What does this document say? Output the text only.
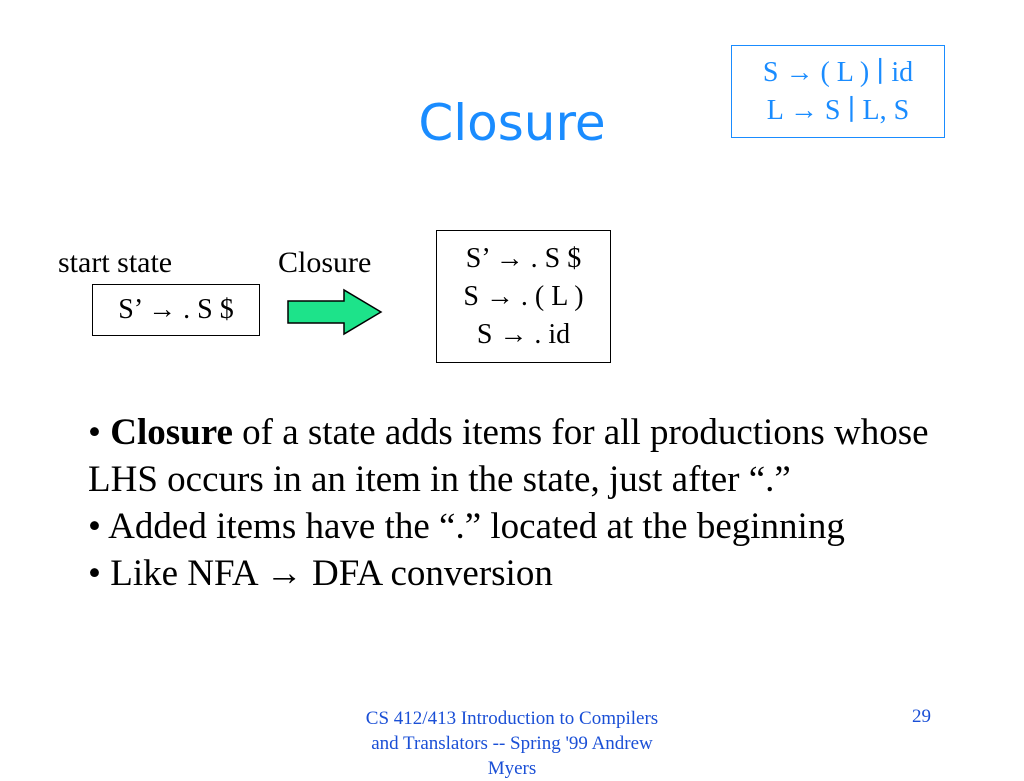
Closure
S → ( L ) ∣ id
L → S ∣ L, S
start state	Closure
S’ → . S $
S’ → . S $
S → . ( L )
S → . id

• Closure of a state adds items for all productions whose LHS occurs in an item in the state, just after “.”

• Added items have the “.” located at the beginning

• Like NFA → DFA conversion

CS 412/413 Introduction to Compilers and Translators -- Spring '99 Andrew Myers
29
